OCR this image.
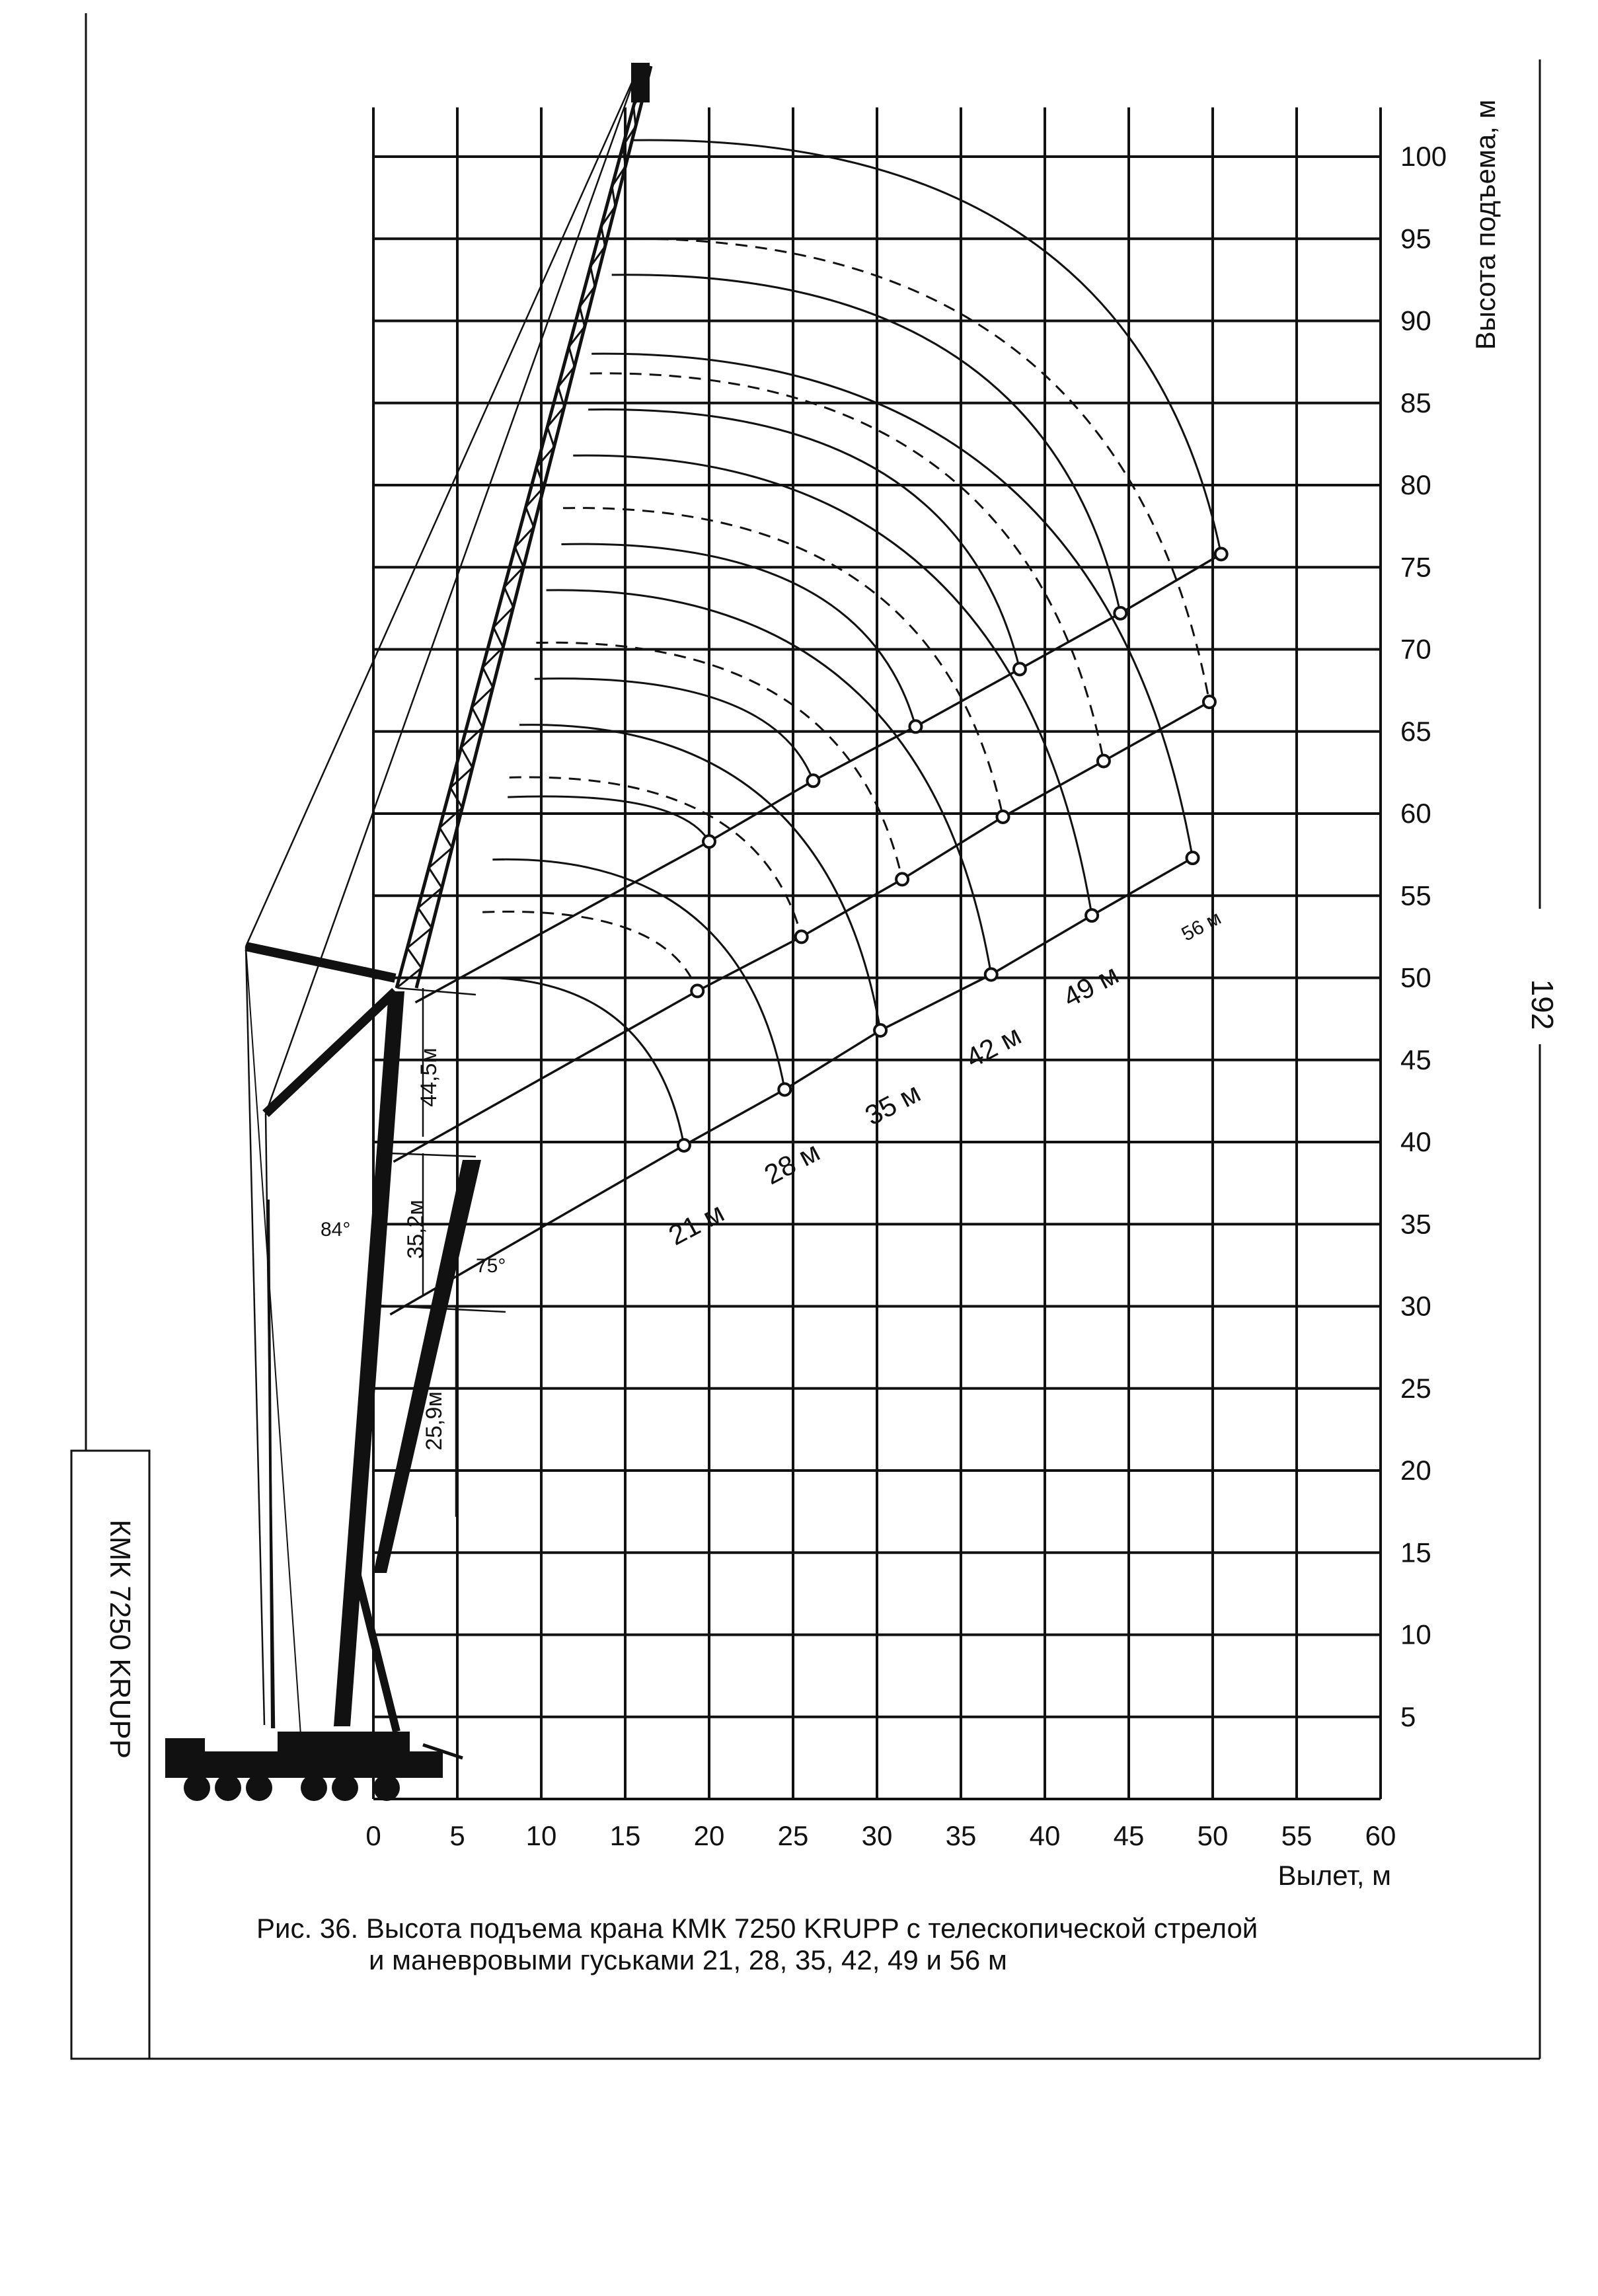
КМК 7250 KRUPP
192
0 5 10 15 20 25 30 35 40 45 50 55 60
5
10
15
20
25
30
35
40
45
50
55
60
65
70
75
80
85
90
95
100
Вылет, м
Высота подъема, м
44,5м
35,2м
25,9м
84°
75°
21 м
28 м
35 м
42 м
49 м
56 м
Рис. 36. Высота подъема крана КМК 7250 KRUPP с телескопической стрелой
и маневровыми гуськами 21, 28, 35, 42, 49 и 56 м
